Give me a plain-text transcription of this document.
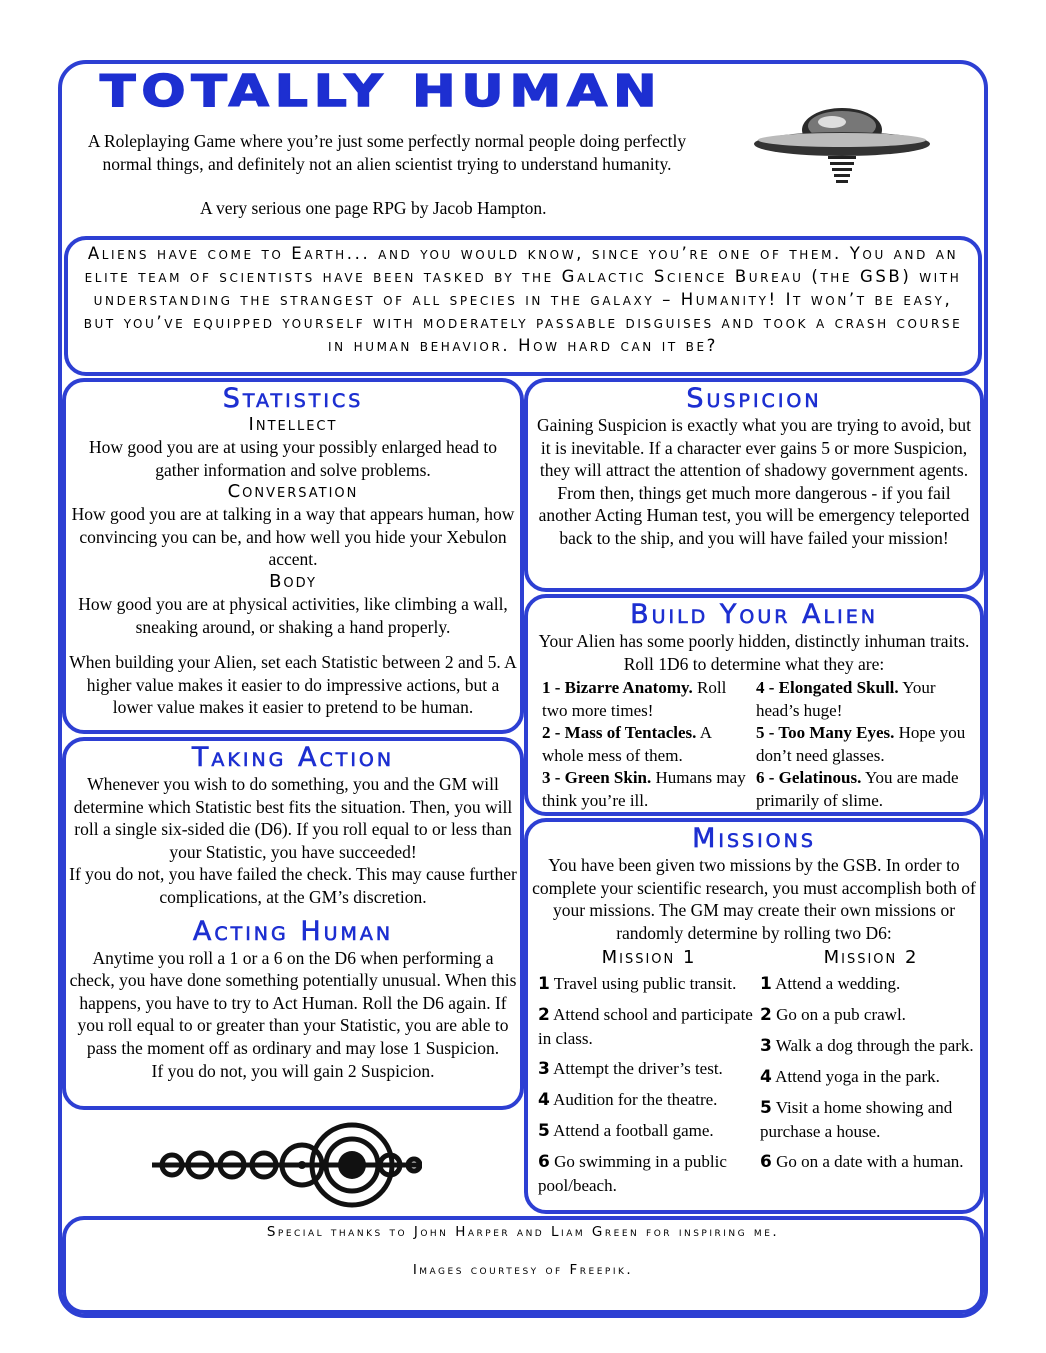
TOTALLY HUMAN
A Roleplaying Game where you’re just some perfectly normal people doing perfectly normal things, and definitely not an alien scientist trying to understand humanity.
A very serious one page RPG by Jacob Hampton.
Aliens have come to Earth... and you would know, since you’re one of them. You and an elite team of scientists have been tasked by the Galactic Science Bureau (the GSB) with understanding the strangest of all species in the galaxy – Humanity! It won’t be easy, but you’ve equipped yourself with moderately passable disguises and took a crash course in human behavior. How hard can it be?
Statistics
Intellect
How good you are at using your possibly enlarged head to gather information and solve problems.
Conversation
How good you are at talking in a way that appears human, how convincing you can be, and how well you hide your Xebulon accent.
Body
How good you are at physical activities, like climbing a wall, sneaking around, or shaking a hand properly.
When building your Alien, set each Statistic between 2 and 5. A higher value makes it easier to do impressive actions, but a lower value makes it easier to pretend to be human.
Taking Action
Whenever you wish to do something, you and the GM will determine which Statistic best fits the situation. Then, you will roll a single six-sided die (D6). If you roll equal to or less than your Statistic, you have succeeded!
If you do not, you have failed the check. This may cause further complications, at the GM’s discretion.
Acting Human
Anytime you roll a 1 or a 6 on the D6 when performing a check, you have done something potentially unusual. When this happens, you have to try to Act Human. Roll the D6 again. If you roll equal to or greater than your Statistic, you are able to pass the moment off as ordinary and may lose 1 Suspicion.
If you do not, you will gain 2 Suspicion.
Suspicion
Gaining Suspicion is exactly what you are trying to avoid, but it is inevitable. If a character ever gains 5 or more Suspicion, they will attract the attention of shadowy government agents. From then, things get much more dangerous - if you fail another Acting Human test, you will be emergency teleported back to the ship, and you will have failed your mission!
Build Your Alien
Your Alien has some poorly hidden, distinctly inhuman traits. Roll 1D6 to determine what they are:
1 - Bizarre Anatomy. Roll two more times!
4 - Elongated Skull. Your head’s huge!
2 - Mass of Tentacles. A whole mess of them.
5 - Too Many Eyes. Hope you don’t need glasses.
3 - Green Skin. Humans may think you’re ill.
6 - Gelatinous. You are made primarily of slime.
Missions
You have been given two missions by the GSB. In order to complete your scientific research, you must accomplish both of your missions. The GM may create their own missions or randomly determine by rolling two D6:
Mission 1
1 Travel using public transit.
2 Attend school and participate in class.
3 Attempt the driver’s test.
4 Audition for the theatre.
5 Attend a football game.
6 Go swimming in a public pool/beach.
Mission 2
1 Attend a wedding.
2 Go on a pub crawl.
3 Walk a dog through the park.
4 Attend yoga in the park.
5 Visit a home showing and purchase a house.
6 Go on a date with a human.
Special thanks to John Harper and Liam Green for inspiring me.
Images courtesy of Freepik.
